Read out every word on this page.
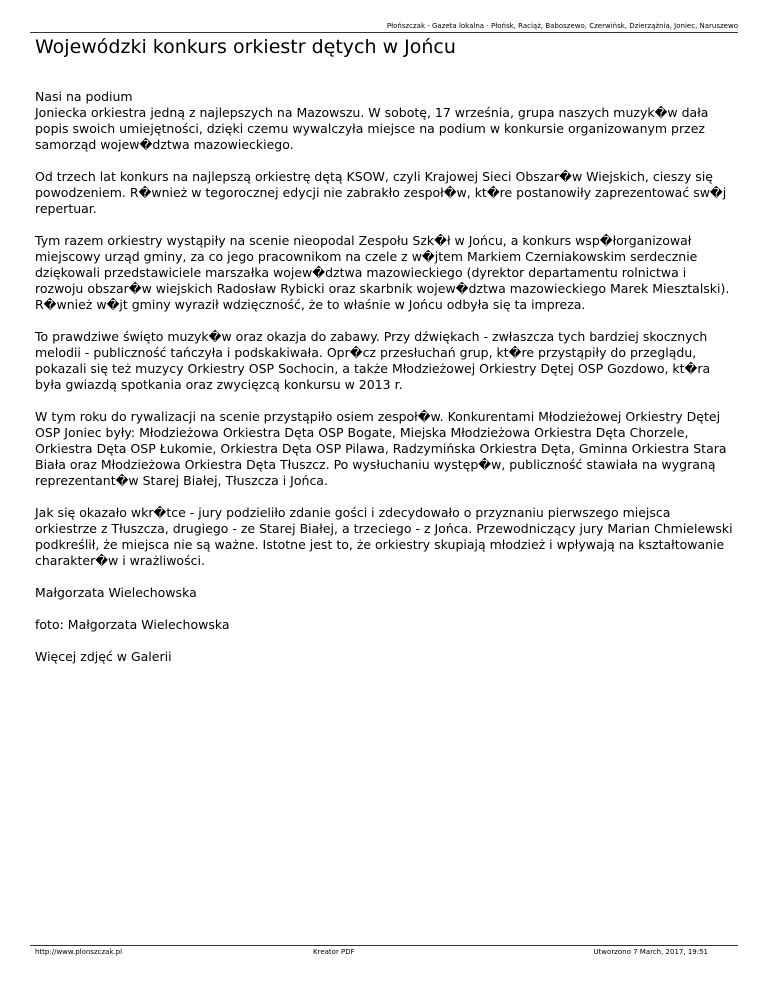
Płońszczak - Gazeta lokalna - Płońsk, Raciąż, Baboszewo, Czerwińsk, Dzierzążnia, Joniec, Naruszewo
Wojewódzki konkurs orkiestr dętych w Jońcu

Nasi na podium
Joniecka orkiestra jedną z najlepszych na Mazowszu. W sobotę, 17 września, grupa naszych muzyk�w dała popis swoich umiejętności, dzięki czemu wywalczyła miejsce na podium w konkursie organizowanym przez samorząd wojew�dztwa mazowieckiego.

Od trzech lat konkurs na najlepszą orkiestrę dętą KSOW, czyli Krajowej Sieci Obszar�w Wiejskich, cieszy się powodzeniem. R�wnież w tegorocznej edycji nie zabrakło zespoł�w, kt�re postanowiły zaprezentować sw�j repertuar.

Tym razem orkiestry wystąpiły na scenie nieopodal Zespołu Szk�ł w Jońcu, a konkurs wsp�łorganizował miejscowy urząd gminy, za co jego pracownikom na czele z w�jtem Markiem Czerniakowskim serdecznie dziękowali przedstawiciele marszałka wojew�dztwa mazowieckiego (dyrektor departamentu rolnictwa i rozwoju obszar�w wiejskich Radosław Rybicki oraz skarbnik wojew�dztwa mazowieckiego Marek Miesztalski). R�wnież w�jt gminy wyraził wdzięczność, że to właśnie w Jońcu odbyła się ta impreza.

To prawdziwe święto muzyk�w oraz okazja do zabawy. Przy dźwiękach - zwłaszcza tych bardziej skocznych melodii - publiczność tańczyła i podskakiwała. Opr�cz przesłuchań grup, kt�re przystąpiły do przeglądu, pokazali się też muzycy Orkiestry OSP Sochocin, a także Młodzieżowej Orkiestry Dętej OSP Gozdowo, kt�ra była gwiazdą spotkania oraz zwycięzcą konkursu w 2013 r.

W tym roku do rywalizacji na scenie przystąpiło osiem zespoł�w. Konkurentami Młodzieżowej Orkiestry Dętej OSP Joniec były: Młodzieżowa Orkiestra Dęta OSP Bogate, Miejska Młodzieżowa Orkiestra Dęta Chorzele, Orkiestra Dęta OSP Łukomie, Orkiestra Dęta OSP Pilawa, Radzymińska Orkiestra Dęta, Gminna Orkiestra Stara Biała oraz Młodzieżowa Orkiestra Dęta Tłuszcz. Po wysłuchaniu występ�w, publiczność stawiała na wygraną reprezentant�w Starej Białej, Tłuszcza i Jońca.

Jak się okazało wkr�tce - jury podzieliło zdanie gości i zdecydowało o przyznaniu pierwszego miejsca orkiestrze z Tłuszcza, drugiego - ze Starej Białej, a trzeciego - z Jońca. Przewodniczący jury Marian Chmielewski podkreślił, że miejsca nie są ważne. Istotne jest to, że orkiestry skupiają młodzież i wpływają na kształtowanie charakter�w i wrażliwości.

Małgorzata Wielechowska

foto: Małgorzata Wielechowska

Więcej zdjęć w Galerii

http://www.plonszczak.pl	Kreator PDF	Utworzono 7 March, 2017, 19:51
